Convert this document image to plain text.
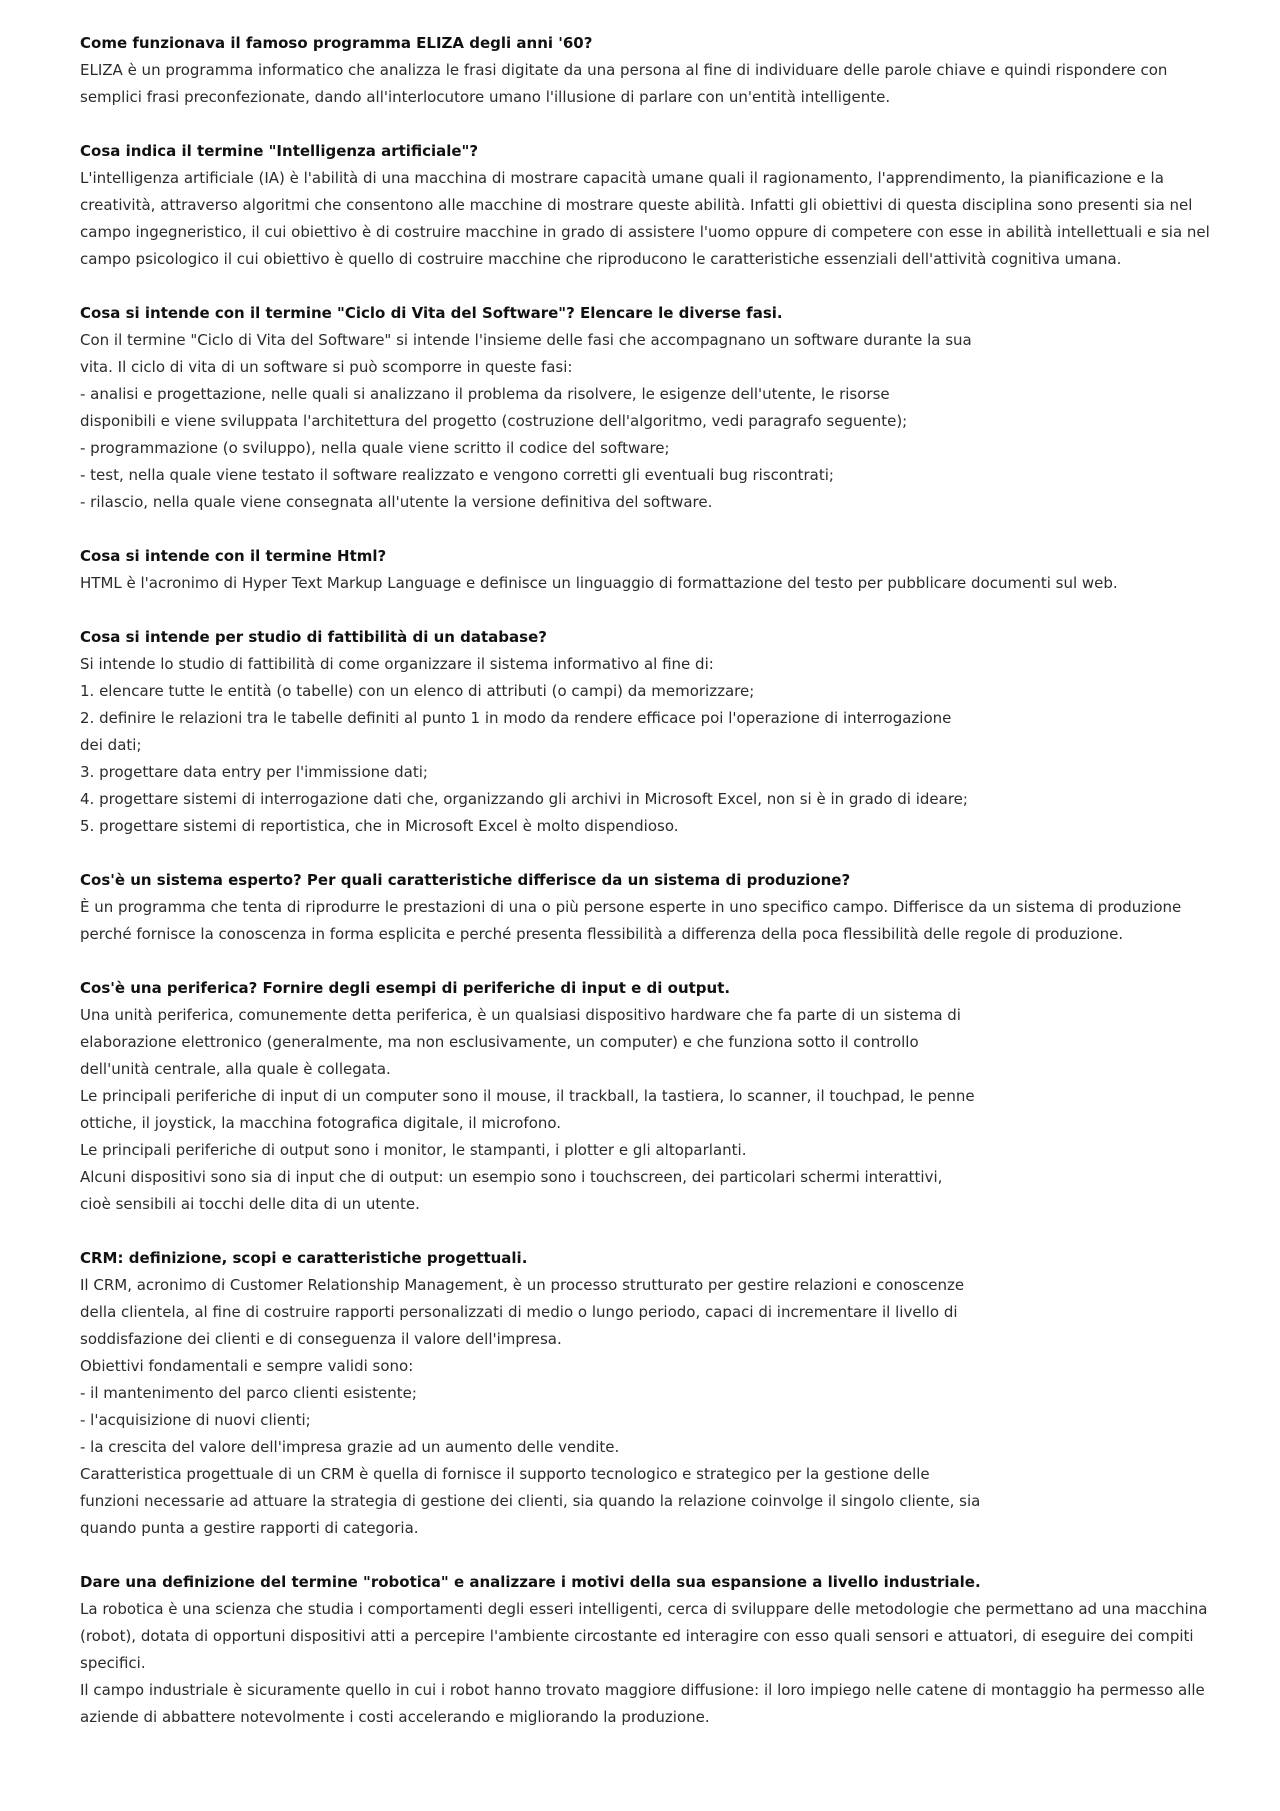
Come funzionava il famoso programma ELIZA degli anni '60?
ELIZA è un programma informatico che analizza le frasi digitate da una persona al fine di individuare delle parole chiave e quindi rispondere con
semplici frasi preconfezionate, dando all'interlocutore umano l'illusione di parlare con un'entità intelligente.
Cosa indica il termine "Intelligenza artificiale"?
L'intelligenza artificiale (IA) è l'abilità di una macchina di mostrare capacità umane quali il ragionamento, l'apprendimento, la pianificazione e la
creatività, attraverso algoritmi che consentono alle macchine di mostrare queste abilità. Infatti gli obiettivi di questa disciplina sono presenti sia nel
campo ingegneristico, il cui obiettivo è di costruire macchine in grado di assistere l'uomo oppure di competere con esse in abilità intellettuali e sia nel
campo psicologico il cui obiettivo è quello di costruire macchine che riproducono le caratteristiche essenziali dell'attività cognitiva umana.
Cosa si intende con il termine "Ciclo di Vita del Software"? Elencare le diverse fasi.
Con il termine "Ciclo di Vita del Software" si intende l'insieme delle fasi che accompagnano un software durante la sua
vita. Il ciclo di vita di un software si può scomporre in queste fasi:
- analisi e progettazione, nelle quali si analizzano il problema da risolvere, le esigenze dell'utente, le risorse
disponibili e viene sviluppata l'architettura del progetto (costruzione dell'algoritmo, vedi paragrafo seguente);
- programmazione (o sviluppo), nella quale viene scritto il codice del software;
- test, nella quale viene testato il software realizzato e vengono corretti gli eventuali bug riscontrati;
- rilascio, nella quale viene consegnata all'utente la versione definitiva del software.
Cosa si intende con il termine Html?
HTML è l'acronimo di Hyper Text Markup Language e definisce un linguaggio di formattazione del testo per pubblicare documenti sul web.
Cosa si intende per studio di fattibilità di un database?
Si intende lo studio di fattibilità di come organizzare il sistema informativo al fine di:
1. elencare tutte le entità (o tabelle) con un elenco di attributi (o campi) da memorizzare;
2. definire le relazioni tra le tabelle definiti al punto 1 in modo da rendere efficace poi l'operazione di interrogazione
dei dati;
3. progettare data entry per l'immissione dati;
4. progettare sistemi di interrogazione dati che, organizzando gli archivi in Microsoft Excel, non si è in grado di ideare;
5. progettare sistemi di reportistica, che in Microsoft Excel è molto dispendioso.
Cos'è un sistema esperto? Per quali caratteristiche differisce da un sistema di produzione?
È un programma che tenta di riprodurre le prestazioni di una o più persone esperte in uno specifico campo. Differisce da un sistema di produzione
perché fornisce la conoscenza in forma esplicita e perché presenta flessibilità a differenza della poca flessibilità delle regole di produzione.
Cos'è una periferica? Fornire degli esempi di periferiche di input e di output.
Una unità periferica, comunemente detta periferica, è un qualsiasi dispositivo hardware che fa parte di un sistema di
elaborazione elettronico (generalmente, ma non esclusivamente, un computer) e che funziona sotto il controllo
dell'unità centrale, alla quale è collegata.
Le principali periferiche di input di un computer sono il mouse, il trackball, la tastiera, lo scanner, il touchpad, le penne
ottiche, il joystick, la macchina fotografica digitale, il microfono.
Le principali periferiche di output sono i monitor, le stampanti, i plotter e gli altoparlanti.
Alcuni dispositivi sono sia di input che di output: un esempio sono i touchscreen, dei particolari schermi interattivi,
cioè sensibili ai tocchi delle dita di un utente.
CRM: definizione, scopi e caratteristiche progettuali.
Il CRM, acronimo di Customer Relationship Management, è un processo strutturato per gestire relazioni e conoscenze
della clientela, al fine di costruire rapporti personalizzati di medio o lungo periodo, capaci di incrementare il livello di
soddisfazione dei clienti e di conseguenza il valore dell'impresa.
Obiettivi fondamentali e sempre validi sono:
- il mantenimento del parco clienti esistente;
- l'acquisizione di nuovi clienti;
- la crescita del valore dell'impresa grazie ad un aumento delle vendite.
Caratteristica progettuale di un CRM è quella di fornisce il supporto tecnologico e strategico per la gestione delle
funzioni necessarie ad attuare la strategia di gestione dei clienti, sia quando la relazione coinvolge il singolo cliente, sia
quando punta a gestire rapporti di categoria.
Dare una definizione del termine "robotica" e analizzare i motivi della sua espansione a livello industriale.
La robotica è una scienza che studia i comportamenti degli esseri intelligenti, cerca di sviluppare delle metodologie che permettano ad una macchina
(robot), dotata di opportuni dispositivi atti a percepire l'ambiente circostante ed interagire con esso quali sensori e attuatori, di eseguire dei compiti
specifici.
Il campo industriale è sicuramente quello in cui i robot hanno trovato maggiore diffusione: il loro impiego nelle catene di montaggio ha permesso alle
aziende di abbattere notevolmente i costi accelerando e migliorando la produzione.
